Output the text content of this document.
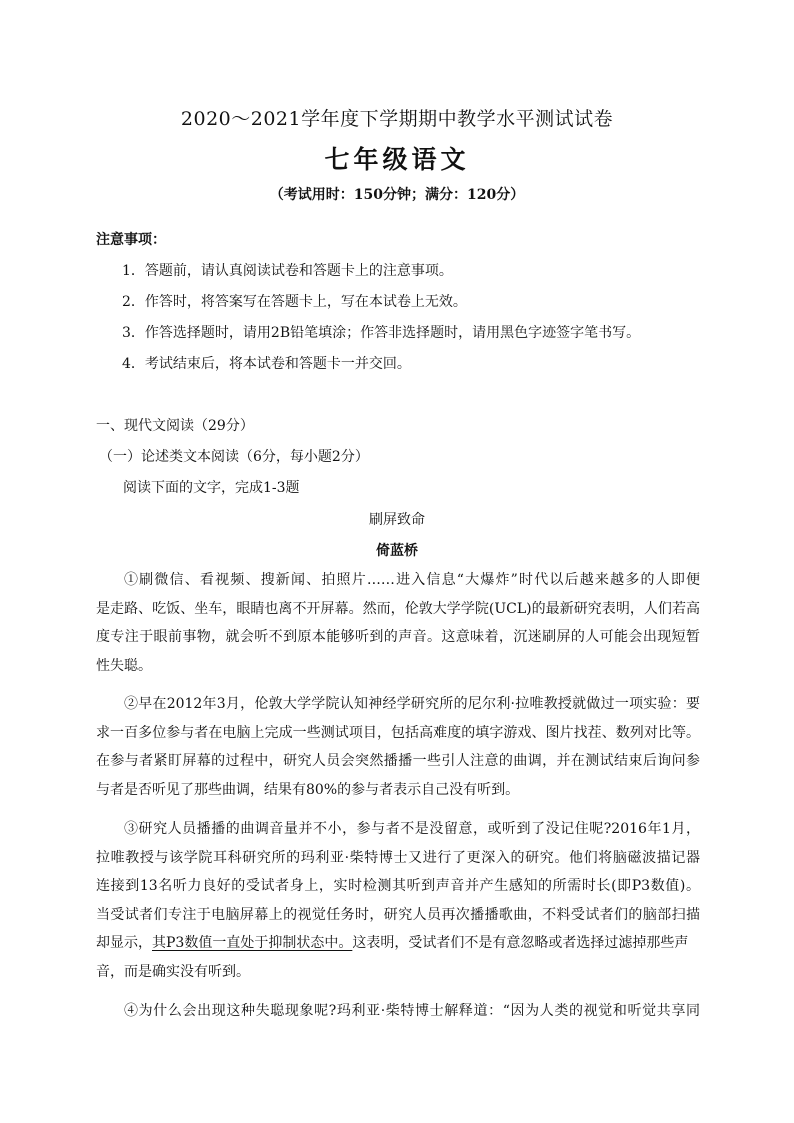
2020～2021学年度下学期期中教学水平测试试卷
七年级语文
（考试用时：150分钟；满分：120分）
注意事项：
1．答题前，请认真阅读试卷和答题卡上的注意事项。
2．作答时，将答案写在答题卡上，写在本试卷上无效。
3．作答选择题时，请用2B铅笔填涂；作答非选择题时，请用黑色字迹签字笔书写。
4．考试结束后，将本试卷和答题卡一并交回。
一、现代文阅读（29分）
（一）论述类文本阅读（6分，每小题2分）
阅读下面的文字，完成1-3题
刷屏致命
倚蓝桥
①刷微信、看视频、搜新闻、拍照片……进入信息“大爆炸”时代以后越来越多的人即便
是走路、吃饭、坐车，眼睛也离不开屏幕。然而，伦敦大学学院(UCL)的最新研究表明，人们若高
度专注于眼前事物，就会听不到原本能够听到的声音。这意味着，沉迷刷屏的人可能会出现短暂
性失聪。
②早在2012年3月，伦敦大学学院认知神经学研究所的尼尔利·拉唯教授就做过一项实验：要
求一百多位参与者在电脑上完成一些测试项目，包括高难度的填字游戏、图片找茬、数列对比等。
在参与者紧盯屏幕的过程中，研究人员会突然播播一些引人注意的曲调，并在测试结束后询问参
与者是否听见了那些曲调，结果有80%的参与者表示自己没有听到。
③研究人员播播的曲调音量并不小，参与者不是没留意，或听到了没记住呢?2016年1月，
拉唯教授与该学院耳科研究所的玛利亚·柴特博士又进行了更深入的研究。他们将脑磁波描记器
连接到13名听力良好的受试者身上，实时检测其听到声音并产生感知的所需时长(即P3数值)。
当受试者们专注于电脑屏幕上的视觉任务时，研究人员再次播播歌曲，不料受试者们的脑部扫描
却显示，其P3数值一直处于抑制状态中。这表明，受试者们不是有意忽略或者选择过滤掉那些声
音，而是确实没有听到。
④为什么会出现这种失聪现象呢?玛利亚·柴特博士解释道：“因为人类的视觉和听觉共享同
